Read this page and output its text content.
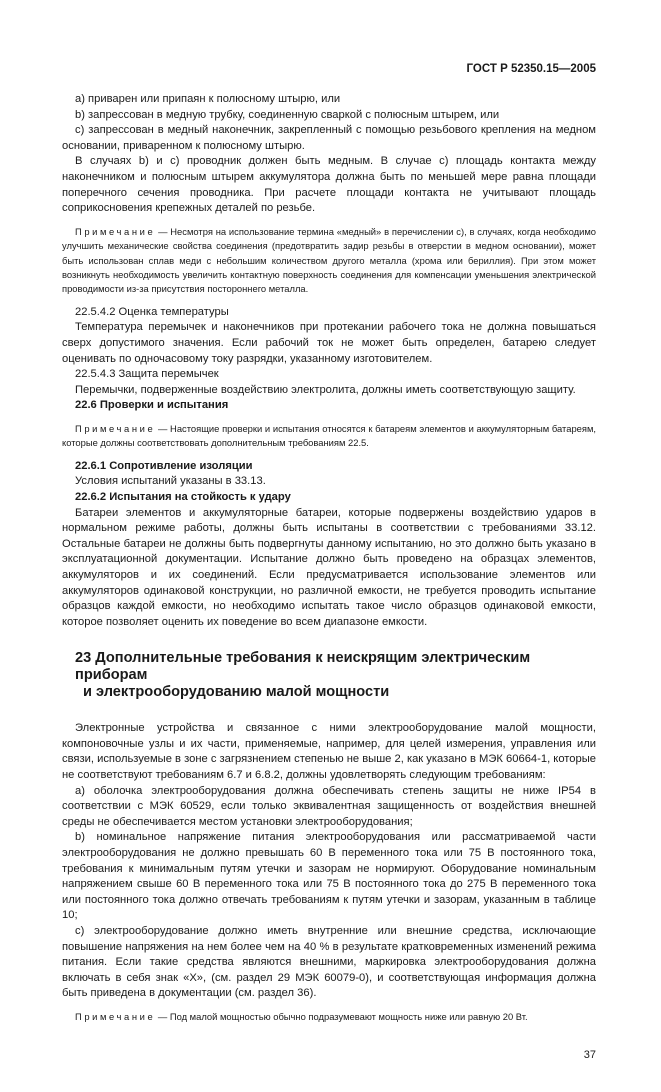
ГОСТ Р 52350.15—2005

a) приварен или припаян к полюсному штырю, или

b) запрессован в медную трубку, соединенную сваркой с полюсным штырем, или

c) запрессован в медный наконечник, закрепленный с помощью резьбового крепления на медном основании, приваренном к полюсному штырю.

В случаях b) и c) проводник должен быть медным. В случае c) площадь контакта между наконечником и полюсным штырем аккумулятора должна быть по меньшей мере равна площади поперечного сечения проводника. При расчете площади контакта не учитывают площадь соприкосновения крепежных деталей по резьбе.

Примечание — Несмотря на использование термина «медный» в перечислении c), в случаях, когда необходимо улучшить механические свойства соединения (предотвратить задир резьбы в отверстии в медном основании), может быть использован сплав меди с небольшим количеством другого металла (хрома или бериллия). При этом может возникнуть необходимость увеличить контактную поверхность соединения для компенсации уменьшения электрической проводимости из-за присутствия постороннего металла.

22.5.4.2 Оценка температуры

Температура перемычек и наконечников при протекании рабочего тока не должна повышаться сверх допустимого значения. Если рабочий ток не может быть определен, батарею следует оценивать по одночасовому току разрядки, указанному изготовителем.

22.5.4.3 Защита перемычек

Перемычки, подверженные воздействию электролита, должны иметь соответствующую защиту.

22.6 Проверки и испытания

Примечание — Настоящие проверки и испытания относятся к батареям элементов и аккумуляторным батареям, которые должны соответствовать дополнительным требованиям 22.5.

22.6.1 Сопротивление изоляции

Условия испытаний указаны в 33.13.

22.6.2 Испытания на стойкость к удару

Батареи элементов и аккумуляторные батареи, которые подвержены воздействию ударов в нормальном режиме работы, должны быть испытаны в соответствии с требованиями 33.12. Остальные батареи не должны быть подвергнуты данному испытанию, но это должно быть указано в эксплуатационной документации. Испытание должно быть проведено на образцах элементов, аккумуляторов и их соединений. Если предусматривается использование элементов или аккумуляторов одинаковой конструкции, но различной емкости, не требуется проводить испытание образцов каждой емкости, но необходимо испытать такое число образцов одинаковой емкости, которое позволяет оценить их поведение во всем диапазоне емкости.

23 Дополнительные требования к неискрящим электрическим приборам
и электрооборудованию малой мощности

Электронные устройства и связанное с ними электрооборудование малой мощности, компоновочные узлы и их части, применяемые, например, для целей измерения, управления или связи, используемые в зоне с загрязнением степенью не выше 2, как указано в МЭК 60664-1, которые не соответствуют требованиям 6.7 и 6.8.2, должны удовлетворять следующим требованиям:

a) оболочка электрооборудования должна обеспечивать степень защиты не ниже IP54 в соответствии с МЭК 60529, если только эквивалентная защищенность от воздействия внешней среды не обеспечивается местом установки электрооборудования;

b) номинальное напряжение питания электрооборудования или рассматриваемой части электрооборудования не должно превышать 60 В переменного тока или 75 В постоянного тока, требования к минимальным путям утечки и зазорам не нормируют. Оборудование номинальным напряжением свыше 60 В переменного тока или 75 В постоянного тока до 275 В переменного тока или постоянного тока должно отвечать требованиям к путям утечки и зазорам, указанным в таблице 10;

c) электрооборудование должно иметь внутренние или внешние средства, исключающие повышение напряжения на нем более чем на 40 % в результате кратковременных изменений режима питания. Если такие средства являются внешними, маркировка электрооборудования должна включать в себя знак «X», (см. раздел 29 МЭК 60079-0), и соответствующая информация должна быть приведена в документации (см. раздел 36).

Примечание — Под малой мощностью обычно подразумевают мощность ниже или равную 20 Вт.

37
